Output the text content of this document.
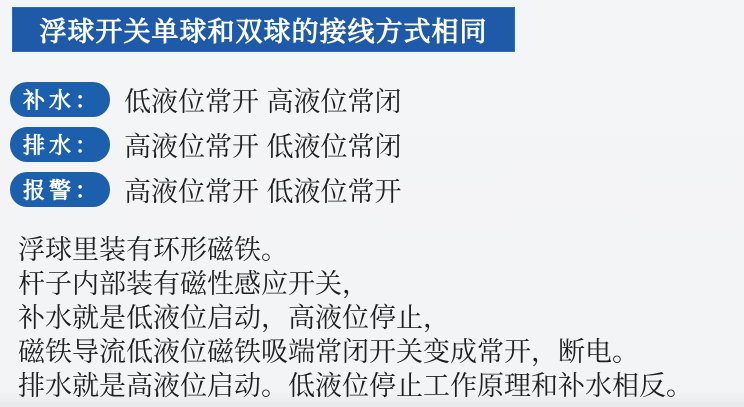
浮球开关单球和双球的接线方式相同
补水： 低液位常开 高液位常闭
排水： 高液位常开 低液位常闭
报警： 高液位常开 低液位常开
浮球里装有环形磁铁。
杆子内部装有磁性感应开关，
补水就是低液位启动，高液位停止，
磁铁导流低液位磁铁吸端常闭开关变成常开，断电。
排水就是高液位启动。低液位停止工作原理和补水相反。
